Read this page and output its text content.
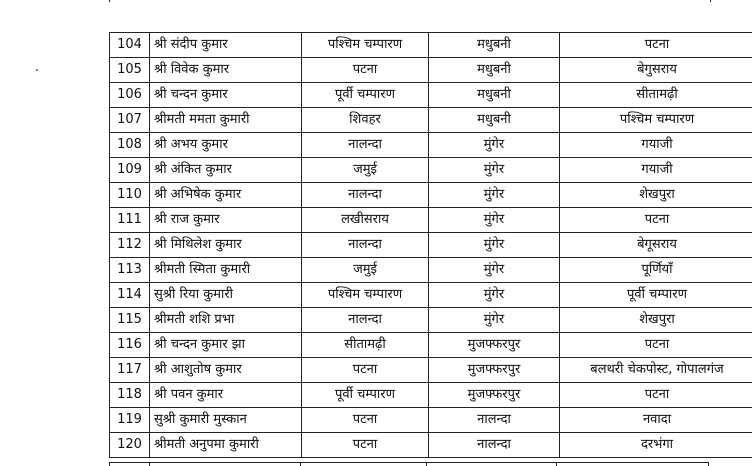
104	श्री संदीप कुमार	पश्चिम चम्पारण	मधुबनी	पटना
105	श्री विवेक कुमार	पटना	मधुबनी	बेगुसराय
106	श्री चन्दन कुमार	पूर्वी चम्पारण	मधुबनी	सीतामढ़ी
107	श्रीमती ममता कुमारी	शिवहर	मधुबनी	पश्चिम चम्पारण
108	श्री अभय कुमार	नालन्दा	मुंगेर	गयाजी
109	श्री अंकित कुमार	जमुई	मुंगेर	गयाजी
110	श्री अभिषेक कुमार	नालन्दा	मुंगेर	शेखपुरा
111	श्री राज कुमार	लखीसराय	मुंगेर	पटना
112	श्री मिथिलेश कुमार	नालन्दा	मुंगेर	बेगूसराय
113	श्रीमती स्मिता कुमारी	जमुई	मुंगेर	पूर्णियाँ
114	सुश्री रिया कुमारी	पश्चिम चम्पारण	मुंगेर	पूर्वी चम्पारण
115	श्रीमती शशि प्रभा	नालन्दा	मुंगेर	शेखपुरा
116	श्री चन्दन कुमार झा	सीतामढ़ी	मुजफ्फरपुर	पटना
117	श्री आशुतोष कुमार	पटना	मुजफ्फरपुर	बलथरी चेकपोस्ट, गोपालगंज
118	श्री पवन कुमार	पूर्वी चम्पारण	मुजफ्फरपुर	पटना
119	सुश्री कुमारी मुस्कान	पटना	नालन्दा	नवादा
120	श्रीमती अनुपमा कुमारी	पटना	नालन्दा	दरभंगा
